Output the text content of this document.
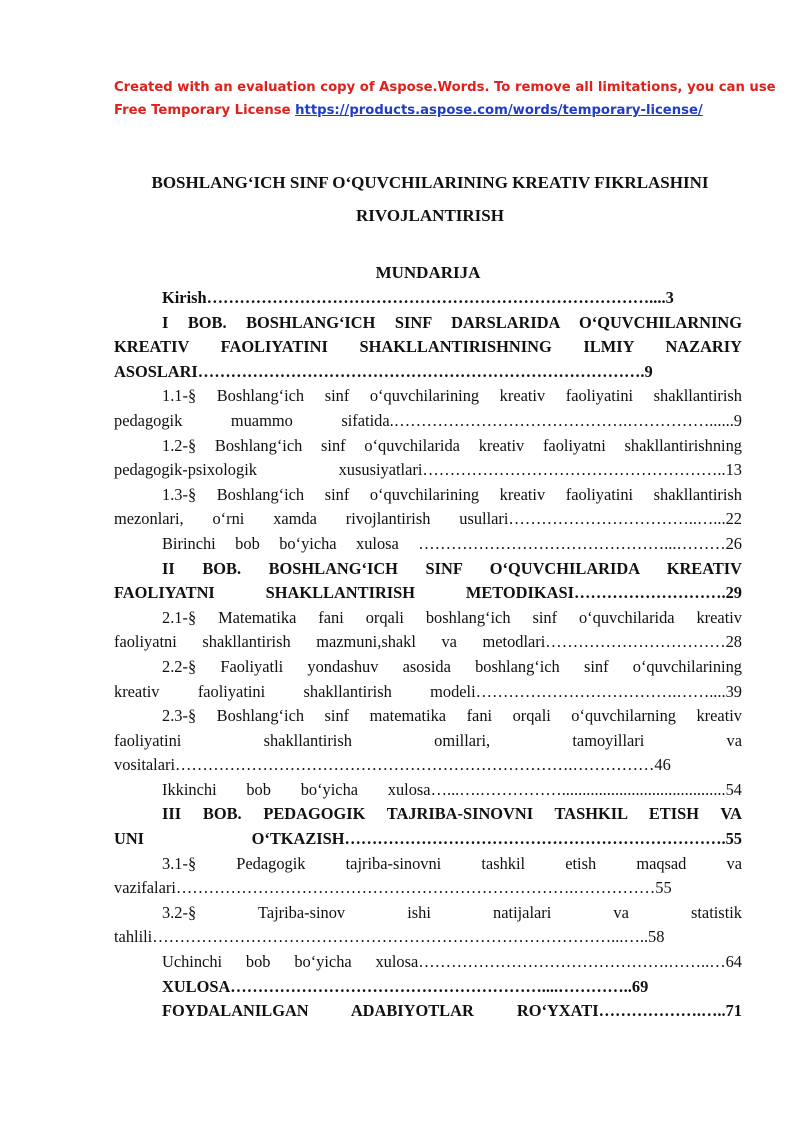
Created with an evaluation copy of Aspose.Words. To remove all limitations, you can use
Free Temporary License https://products.aspose.com/words/temporary-license/
BOSHLANG‘ICH SINF O‘QUVCHILARINING KREATIV FIKRLASHINI
RIVOJLANTIRISH
MUNDARIJA
Kirish………………………………………………………………………....3
I BOB. BOSHLANG‘ICH SINF DARSLARIDA O‘QUVCHILARNING
KREATIV FAOLIYATINI SHAKLLANTIRISHNING ILMIY NAZARIY
ASOSLARI……………………………………………………………………….9
1.1-§ Boshlang‘ich sinf o‘quvchilarining kreativ faoliyatini shakllantirish
pedagogik muammo sifatida.…………………………………….……………......9
1.2-§ Boshlang‘ich sinf o‘quvchilarida kreativ faoliyatni shakllantirishning
pedagogik-psixologik xususiyatlari………………………………………………..13
1.3-§ Boshlang‘ich sinf o‘quvchilarining kreativ faoliyatini shakllantirish
mezonlari, o‘rni xamda rivojlantirish usullari……………………………..…...22
Birinchi bob bo‘yicha xulosa ………………………………………...………26
II BOB. BOSHLANG‘ICH SINF O‘QUVCHILARIDA KREATIV
FAOLIYATNI SHAKLLANTIRISH METODIKASI……………………….29
2.1-§ Matematika fani orqali boshlang‘ich sinf o‘quvchilarida kreativ
faoliyatni shakllantirish mazmuni,shakl va metodlari……………………………28
2.2-§ Faoliyatli yondashuv asosida boshlang‘ich sinf o‘quvchilarining
kreativ faoliyatini shakllantirish modeli……………………………….……....39
2.3-§ Boshlang‘ich sinf matematika fani orqali o‘quvchilarning kreativ
faoliyatini shakllantirish omillari, tamoyillari va
vositalari……………………………………………………………….……………46
Ikkinchi bob bo‘yicha xulosa…...….……………........................................54
III BOB. PEDAGOGIK TAJRIBA-SINOVNI TASHKIL ETISH VA
UNI O‘TKAZISH…………………………………………………………….55
3.1-§ Pedagogik tajriba-sinovni tashkil etish maqsad va
vazifalari……………………………………………………………….……………55
3.2-§ Tajriba-sinov ishi natijalari va statistik
tahlili…………………………………………………………………………...…..58
Uchinchi bob bo‘yicha xulosa……………………………………….……..…64
XULOSA…………………………………………………....…………..69
FOYDALANILGAN ADABIYOTLAR RO‘YXATI……………….…..71
